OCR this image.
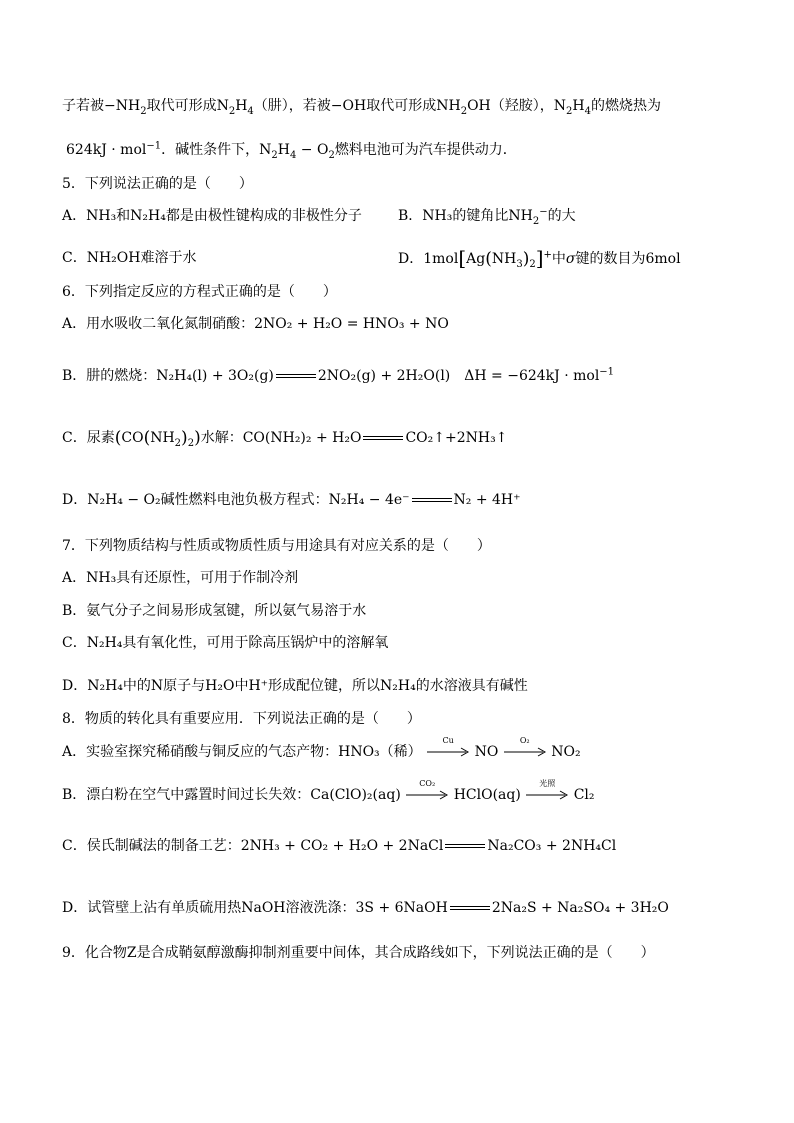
子若被$-NH_2$取代可形成$N_2H_4$（肼），若被−OH取代可形成$NH_2OH$（羟胺），$N_2H_4$的燃烧热为
624kJ · mol$^{-1}$．碱性条件下，$N_2H_4 - O_2$燃料电池可为汽车提供动力．
5．下列说法正确的是（　　）
A．NH₃和N₂H₄都是由极性键构成的非极性分子	B．NH₃的键角比$NH_2^-$的大
C．NH₂OH难溶于水	D．$1mol[Ag(NH_3)_2]^+$中σ键的数目为6mol
6．下列指定反应的方程式正确的是（　　）
A．用水吸收二氧化氮制硝酸：2NO₂ + H₂O = HNO₃ + NO
B．肼的燃烧：N₂H₄(l) + 3O₂(g)	2NO₂(g) + 2H₂O(l)　ΔH = −624kJ · mol$^{-1}$
C．尿素$(CO(NH_2)_2)$水解：CO(NH₂)₂ + H₂O	CO₂↑+2NH₃↑
D．N₂H₄ − O₂碱性燃料电池负极方程式：N₂H₄ − 4e⁻	N₂ + 4H⁺
7．下列物质结构与性质或物质性质与用途具有对应关系的是（　　）
A．NH₃具有还原性，可用于作制冷剂
B．氨气分子之间易形成氢键，所以氨气易溶于水
C．N₂H₄具有氧化性，可用于除高压锅炉中的溶解氧
D．N₂H₄中的N原子与H₂O中H⁺形成配位键，所以N₂H₄的水溶液具有碱性
8．物质的转化具有重要应用．下列说法正确的是（　　）
A．实验室探究稀硝酸与铜反应的气态产物：HNO₃（稀）
Cu
NO
O₂
NO₂
B．漂白粉在空气中露置时间过长失效：Ca(ClO)₂(aq)
CO₂
HClO(aq)
光照
Cl₂
C．侯氏制碱法的制备工艺：2NH₃ + CO₂ + H₂O + 2NaCl	Na₂CO₃ + 2NH₄Cl
D．试管壁上沾有单质硫用热NaOH溶液洗涤：3S + 6NaOH	2Na₂S + Na₂SO₄ + 3H₂O
9．化合物Z是合成鞘氨醇激酶抑制剂重要中间体，其合成路线如下，下列说法正确的是（　　）
